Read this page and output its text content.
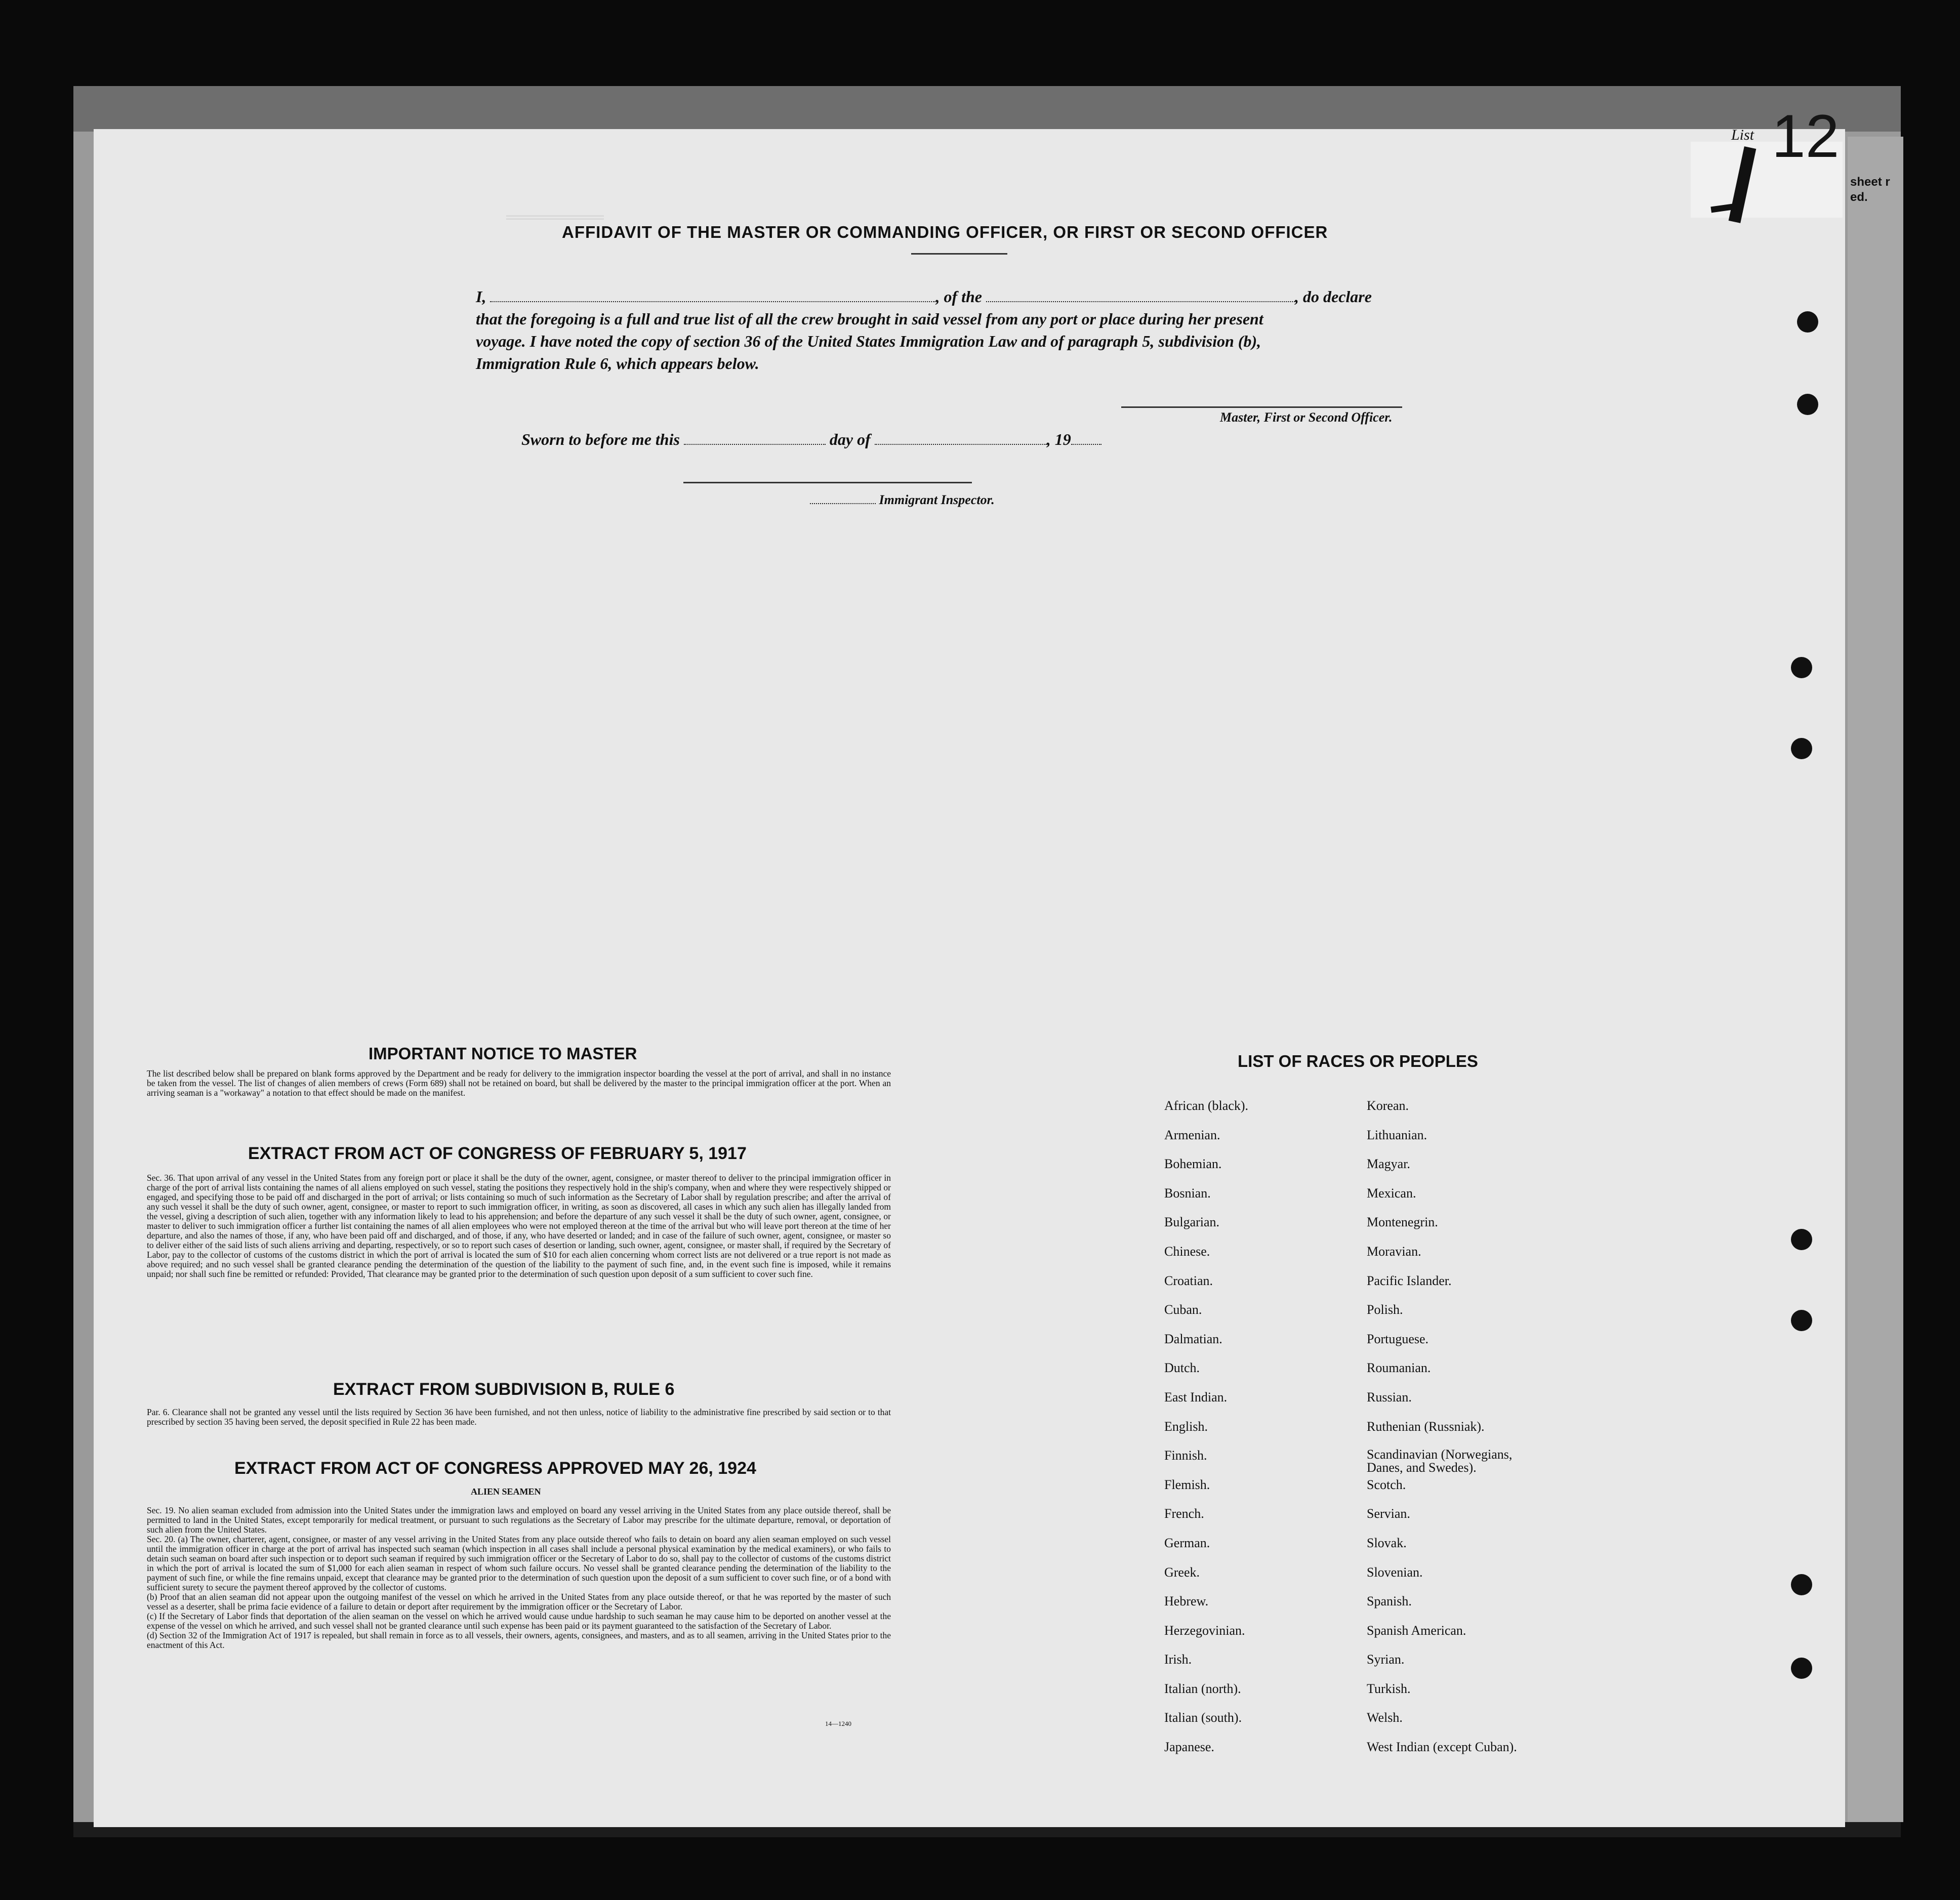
List 12
sheet r
ed.
════════
AFFIDAVIT OF THE MASTER OR COMMANDING OFFICER, OR FIRST OR SECOND OFFICER
I,	, of the	, do declare
that the foregoing is a full and true list of all the crew brought in said vessel from any port or place during her present
voyage. I have noted the copy of section 36 of the United States Immigration Law and of paragraph 5, subdivision (b),
Immigration Rule 6, which appears below.
Master, First or Second Officer.
Sworn to before me this	day of	, 19
Immigrant Inspector.
IMPORTANT NOTICE TO MASTER

The list described below shall be prepared on blank forms approved by the Department and be ready for delivery to the immigration inspector boarding the vessel at the port of arrival, and shall in no instance be taken from the vessel. The list of changes of alien members of crews (Form 689) shall not be retained on board, but shall be delivered by the master to the principal immigration officer at the port. When an arriving seaman is a "workaway" a notation to that effect should be made on the manifest.

EXTRACT FROM ACT OF CONGRESS OF FEBRUARY 5, 1917

Sec. 36. That upon arrival of any vessel in the United States from any foreign port or place it shall be the duty of the owner, agent, consignee, or master thereof to deliver to the principal immigration officer in charge of the port of arrival lists containing the names of all aliens employed on such vessel, stating the positions they respectively hold in the ship's company, when and where they were respectively shipped or engaged, and specifying those to be paid off and discharged in the port of arrival; or lists containing so much of such information as the Secretary of Labor shall by regulation prescribe; and after the arrival of any such vessel it shall be the duty of such owner, agent, consignee, or master to report to such immigration officer, in writing, as soon as discovered, all cases in which any such alien has illegally landed from the vessel, giving a description of such alien, together with any information likely to lead to his apprehension; and before the departure of any such vessel it shall be the duty of such owner, agent, consignee, or master to deliver to such immigration officer a further list containing the names of all alien employees who were not employed thereon at the time of the arrival but who will leave port thereon at the time of her departure, and also the names of those, if any, who have been paid off and discharged, and of those, if any, who have deserted or landed; and in case of the failure of such owner, agent, consignee, or master so to deliver either of the said lists of such aliens arriving and departing, respectively, or so to report such cases of desertion or landing, such owner, agent, consignee, or master shall, if required by the Secretary of Labor, pay to the collector of customs of the customs district in which the port of arrival is located the sum of $10 for each alien concerning whom correct lists are not delivered or a true report is not made as above required; and no such vessel shall be granted clearance pending the determination of the question of the liability to the payment of such fine, and, in the event such fine is imposed, while it remains unpaid; nor shall such fine be remitted or refunded: Provided, That clearance may be granted prior to the determination of such question upon deposit of a sum sufficient to cover such fine.

EXTRACT FROM SUBDIVISION B, RULE 6

Par. 6. Clearance shall not be granted any vessel until the lists required by Section 36 have been furnished, and not then unless, notice of liability to the administrative fine prescribed by said section or to that prescribed by section 35 having been served, the deposit specified in Rule 22 has been made.

EXTRACT FROM ACT OF CONGRESS APPROVED MAY 26, 1924
ALIEN SEAMEN

Sec. 19. No alien seaman excluded from admission into the United States under the immigration laws and employed on board any vessel arriving in the United States from any place outside thereof, shall be permitted to land in the United States, except temporarily for medical treatment, or pursuant to such regulations as the Secretary of Labor may prescribe for the ultimate departure, removal, or deportation of such alien from the United States.

Sec. 20. (a) The owner, charterer, agent, consignee, or master of any vessel arriving in the United States from any place outside thereof who fails to detain on board any alien seaman employed on such vessel until the immigration officer in charge at the port of arrival has inspected such seaman (which inspection in all cases shall include a personal physical examination by the medical examiners), or who fails to detain such seaman on board after such inspection or to deport such seaman if required by such immigration officer or the Secretary of Labor to do so, shall pay to the collector of customs of the customs district in which the port of arrival is located the sum of $1,000 for each alien seaman in respect of whom such failure occurs. No vessel shall be granted clearance pending the determination of the liability to the payment of such fine, or while the fine remains unpaid, except that clearance may be granted prior to the determination of such question upon the deposit of a sum sufficient to cover such fine, or of a bond with sufficient surety to secure the payment thereof approved by the collector of customs.

(b) Proof that an alien seaman did not appear upon the outgoing manifest of the vessel on which he arrived in the United States from any place outside thereof, or that he was reported by the master of such vessel as a deserter, shall be prima facie evidence of a failure to detain or deport after requirement by the immigration officer or the Secretary of Labor.

(c) If the Secretary of Labor finds that deportation of the alien seaman on the vessel on which he arrived would cause undue hardship to such seaman he may cause him to be deported on another vessel at the expense of the vessel on which he arrived, and such vessel shall not be granted clearance until such expense has been paid or its payment guaranteed to the satisfaction of the Secretary of Labor.

(d) Section 32 of the Immigration Act of 1917 is repealed, but shall remain in force as to all vessels, their owners, agents, consignees, and masters, and as to all seamen, arriving in the United States prior to the enactment of this Act.

14—1240
LIST OF RACES OR PEOPLES
African (black).
Armenian.
Bohemian.
Bosnian.
Bulgarian.
Chinese.
Croatian.
Cuban.
Dalmatian.
Dutch.
East Indian.
English.
Finnish.
Flemish.
French.
German.
Greek.
Hebrew.
Herzegovinian.
Irish.
Italian (north).
Italian (south).
Japanese.
Korean.
Lithuanian.
Magyar.
Mexican.
Montenegrin.
Moravian.
Pacific Islander.
Polish.
Portuguese.
Roumanian.
Russian.
Ruthenian (Russniak).
Scandinavian (Norwegians, Danes, and Swedes).
Scotch.
Servian.
Slovak.
Slovenian.
Spanish.
Spanish American.
Syrian.
Turkish.
Welsh.
West Indian (except Cuban).
